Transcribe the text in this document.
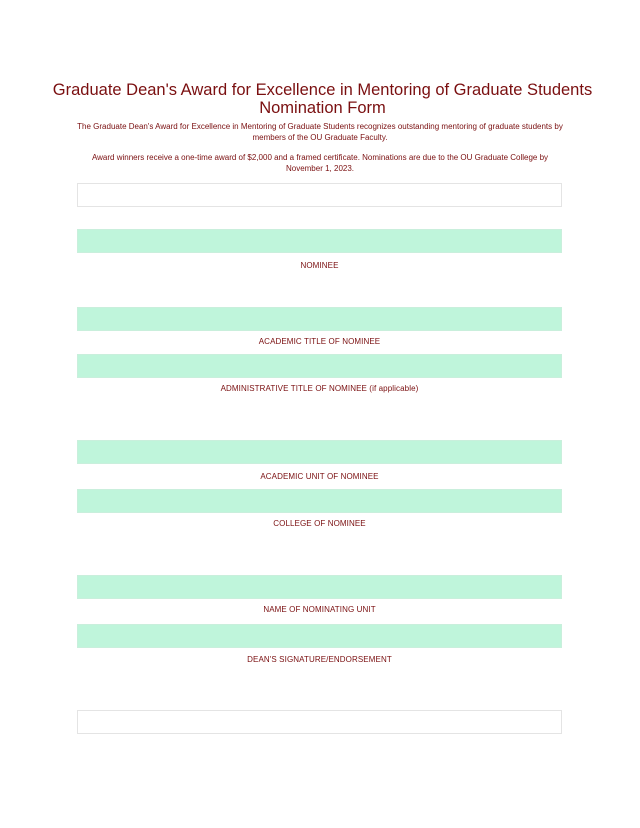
Graduate Dean's Award for Excellence in Mentoring of Graduate Students
Nomination Form

The Graduate Dean's Award for Excellence in Mentoring of Graduate Students recognizes outstanding mentoring of graduate students by members of the OU Graduate Faculty.

Award winners receive a one-time award of $2,000 and a framed certificate. Nominations are due to the OU Graduate College by November 1, 2023.

NOMINEE
ACADEMIC TITLE OF NOMINEE
ADMINISTRATIVE TITLE OF NOMINEE (if applicable)
ACADEMIC UNIT OF NOMINEE
COLLEGE OF NOMINEE
NAME OF NOMINATING UNIT
DEAN'S SIGNATURE/ENDORSEMENT
